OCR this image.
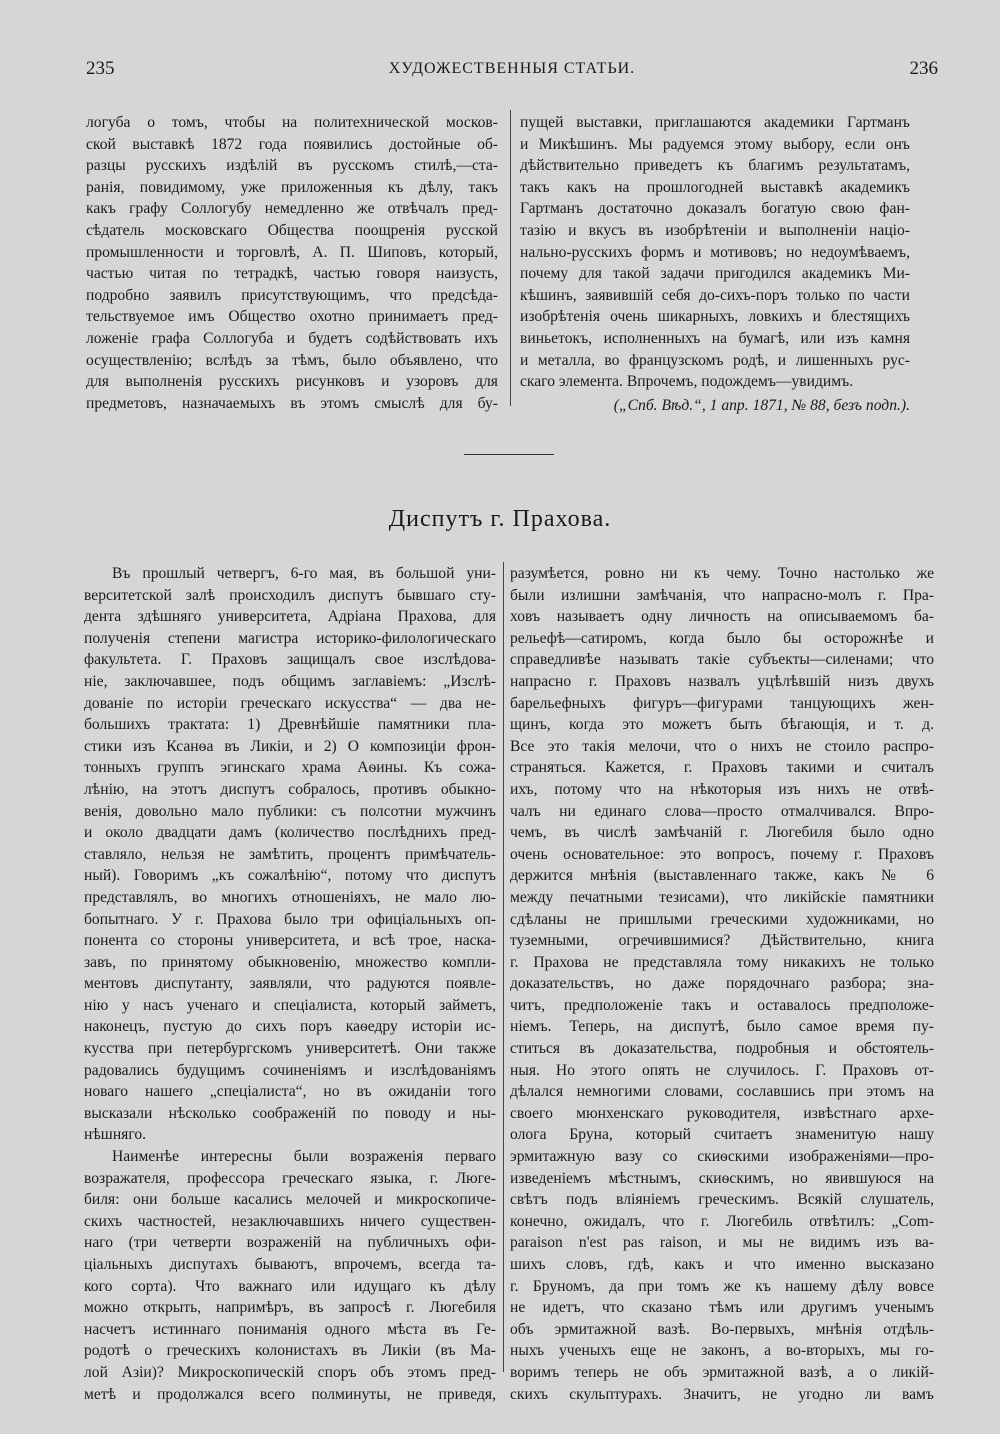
235	ХУДОЖЕСТВЕННЫЯ СТАТЬИ.	236
логуба о томъ, чтобы на политехнической москов-
ской выставкѣ 1872 года появились достойные об-
разцы русскихъ издѣлій въ русскомъ стилѣ,—ста-
ранія, повидимому, уже приложенныя къ дѣлу, такъ
какъ графу Соллогубу немедленно же отвѣчалъ пред-
сѣдатель московскаго Общества поощренія русской
промышленности и торговлѣ, А. П. Шиповъ, который,
частью читая по тетрадкѣ, частью говоря наизусть,
подробно заявилъ присутствующимъ, что предсѣда-
тельствуемое имъ Общество охотно принимаетъ пред-
ложеніе графа Соллогуба и будетъ содѣйствовать ихъ
осуществленію; вслѣдъ за тѣмъ, было объявлено, что
для выполненія русскихъ рисунковъ и узоровъ для
предметовъ, назначаемыхъ въ этомъ смыслѣ для бу-
пущей выставки, приглашаются академики Гартманъ
и Микѣшинъ. Мы радуемся этому выбору, если онъ
дѣйствительно приведетъ къ благимъ результатамъ,
такъ какъ на прошлогодней выставкѣ академикъ
Гартманъ достаточно доказалъ богатую свою фан-
тазію и вкусъ въ изобрѣтеніи и выполненіи націо-
нально-русскихъ формъ и мотивовъ; но недоумѣваемъ,
почему для такой задачи пригодился академикъ Ми-
кѣшинъ, заявившій себя до-сихъ-поръ только по части
изобрѣтенія очень шикарныхъ, ловкихъ и блестящихъ
виньетокъ, исполненныхъ на бумагѣ, или изъ камня
и металла, во французскомъ родѣ, и лишенныхъ рус-
скаго элемента. Впрочемъ, подождемъ—увидимъ.
(„Спб. Вѣд.“, 1 апр. 1871, № 88, безъ подп.).
Диспутъ г. Прахова.
Въ прошлый четвергъ, 6-го мая, въ большой уни-
верситетской залѣ происходилъ диспутъ бывшаго сту-
дента здѣшняго университета, Адріана Прахова, для
полученія степени магистра историко-филологическаго
факультета. Г. Праховъ защищалъ свое изслѣдова-
ніе, заключавшее, подъ общимъ заглавіемъ: „Изслѣ-
дованіе по исторіи греческаго искусства“ — два не-
большихъ трактата: 1) Древнѣйшіе памятники пла-
стики изъ Ксанѳа въ Ликіи, и 2) О композиціи фрон-
тонныхъ группъ эгинскаго храма Аѳины. Къ сожа-
лѣнію, на этотъ диспутъ собралось, противъ обыкно-
венія, довольно мало публики: съ полсотни мужчинъ
и около двадцати дамъ (количество послѣднихъ пред-
ставляло, нельзя не замѣтить, процентъ примѣчатель-
ный). Говоримъ „къ сожалѣнію“, потому что диспутъ
представлялъ, во многихъ отношеніяхъ, не мало лю-
бопытнаго. У г. Прахова было три офиціальныхъ оп-
понента со стороны университета, и всѣ трое, наска-
завъ, по принятому обыкновенію, множество компли-
ментовъ диспутанту, заявляли, что радуются появле-
нію у насъ ученаго и спеціалиста, который займетъ,
наконецъ, пустую до сихъ поръ каѳедру исторіи ис-
кусства при петербургскомъ университетѣ. Они также
радовались будущимъ сочиненіямъ и изслѣдованіямъ
новаго нашего „спеціалиста“, но въ ожиданіи того
высказали нѣсколько соображеній по поводу и ны-
нѣшняго.
Наименѣе интересны были возраженія перваго
возражателя, профессора греческаго языка, г. Люге-
биля: они больше касались мелочей и микроскопиче-
скихъ частностей, незаключавшихъ ничего существен-
наго (три четверти возраженій на публичныхъ офи-
ціальныхъ диспутахъ бываютъ, впрочемъ, всегда та-
кого сорта). Что важнаго или идущаго къ дѣлу
можно открыть, напримѣръ, въ запросѣ г. Люгебиля
насчетъ истиннаго пониманія одного мѣста въ Ге-
родотѣ о греческихъ колонистахъ въ Ликіи (въ Ма-
лой Азіи)? Микроскопическій споръ объ этомъ пред-
метѣ и продолжался всего полминуты, не приведя,
разумѣется, ровно ни къ чему. Точно настолько же
были излишни замѣчанія, что напрасно-молъ г. Пра-
ховъ называетъ одну личность на описываемомъ ба-
рельефѣ—сатиромъ, когда было бы осторожнѣе и
справедливѣе называть такіе субъекты—силенами; что
напрасно г. Праховъ назвалъ уцѣлѣвшій низъ двухъ
барельефныхъ фигуръ—фигурами танцующихъ жен-
щинъ, когда это можетъ быть бѣгающія, и т. д.
Все это такія мелочи, что о нихъ не стоило распро-
страняться. Кажется, г. Праховъ такими и считалъ
ихъ, потому что на нѣкоторыя изъ нихъ не отвѣ-
чалъ ни единаго слова—просто отмалчивался. Впро-
чемъ, въ числѣ замѣчаній г. Люгебиля было одно
очень основательное: это вопросъ, почему г. Праховъ
держится мнѣнія (выставленнаго также, какъ № 6
между печатными тезисами), что ликійскіе памятники
сдѣланы не пришлыми греческими художниками, но
туземными, огречившимися? Дѣйствительно, книга
г. Прахова не представляла тому никакихъ не только
доказательствъ, но даже порядочнаго разбора; зна-
читъ, предположеніе такъ и оставалось предположе-
ніемъ. Теперь, на диспутѣ, было самое время пу-
ститься въ доказательства, подробныя и обстоятель-
ныя. Но этого опять не случилось. Г. Праховъ от-
дѣлался немногими словами, сославшись при этомъ на
своего мюнхенскаго руководителя, извѣстнаго архе-
олога Бруна, который считаетъ знаменитую нашу
эрмитажную вазу со скиѳскими изображеніями—про-
изведеніемъ мѣстнымъ, скиѳскимъ, но явившуюся на
свѣтъ подъ вліяніемъ греческимъ. Всякій слушатель,
конечно, ожидалъ, что г. Люгебиль отвѣтилъ: „Com-
paraison n'est pas raison, и мы не видимъ изъ ва-
шихъ словъ, гдѣ, какъ и что именно высказано
г. Бруномъ, да при томъ же къ нашему дѣлу вовсе
не идетъ, что сказано тѣмъ или другимъ ученымъ
объ эрмитажной вазѣ. Во-первыхъ, мнѣнія отдѣль-
ныхъ ученыхъ еще не законъ, а во-вторыхъ, мы го-
воримъ теперь не объ эрмитажной вазѣ, а о ликій-
скихъ скульптурахъ. Значитъ, не угодно ли вамъ
